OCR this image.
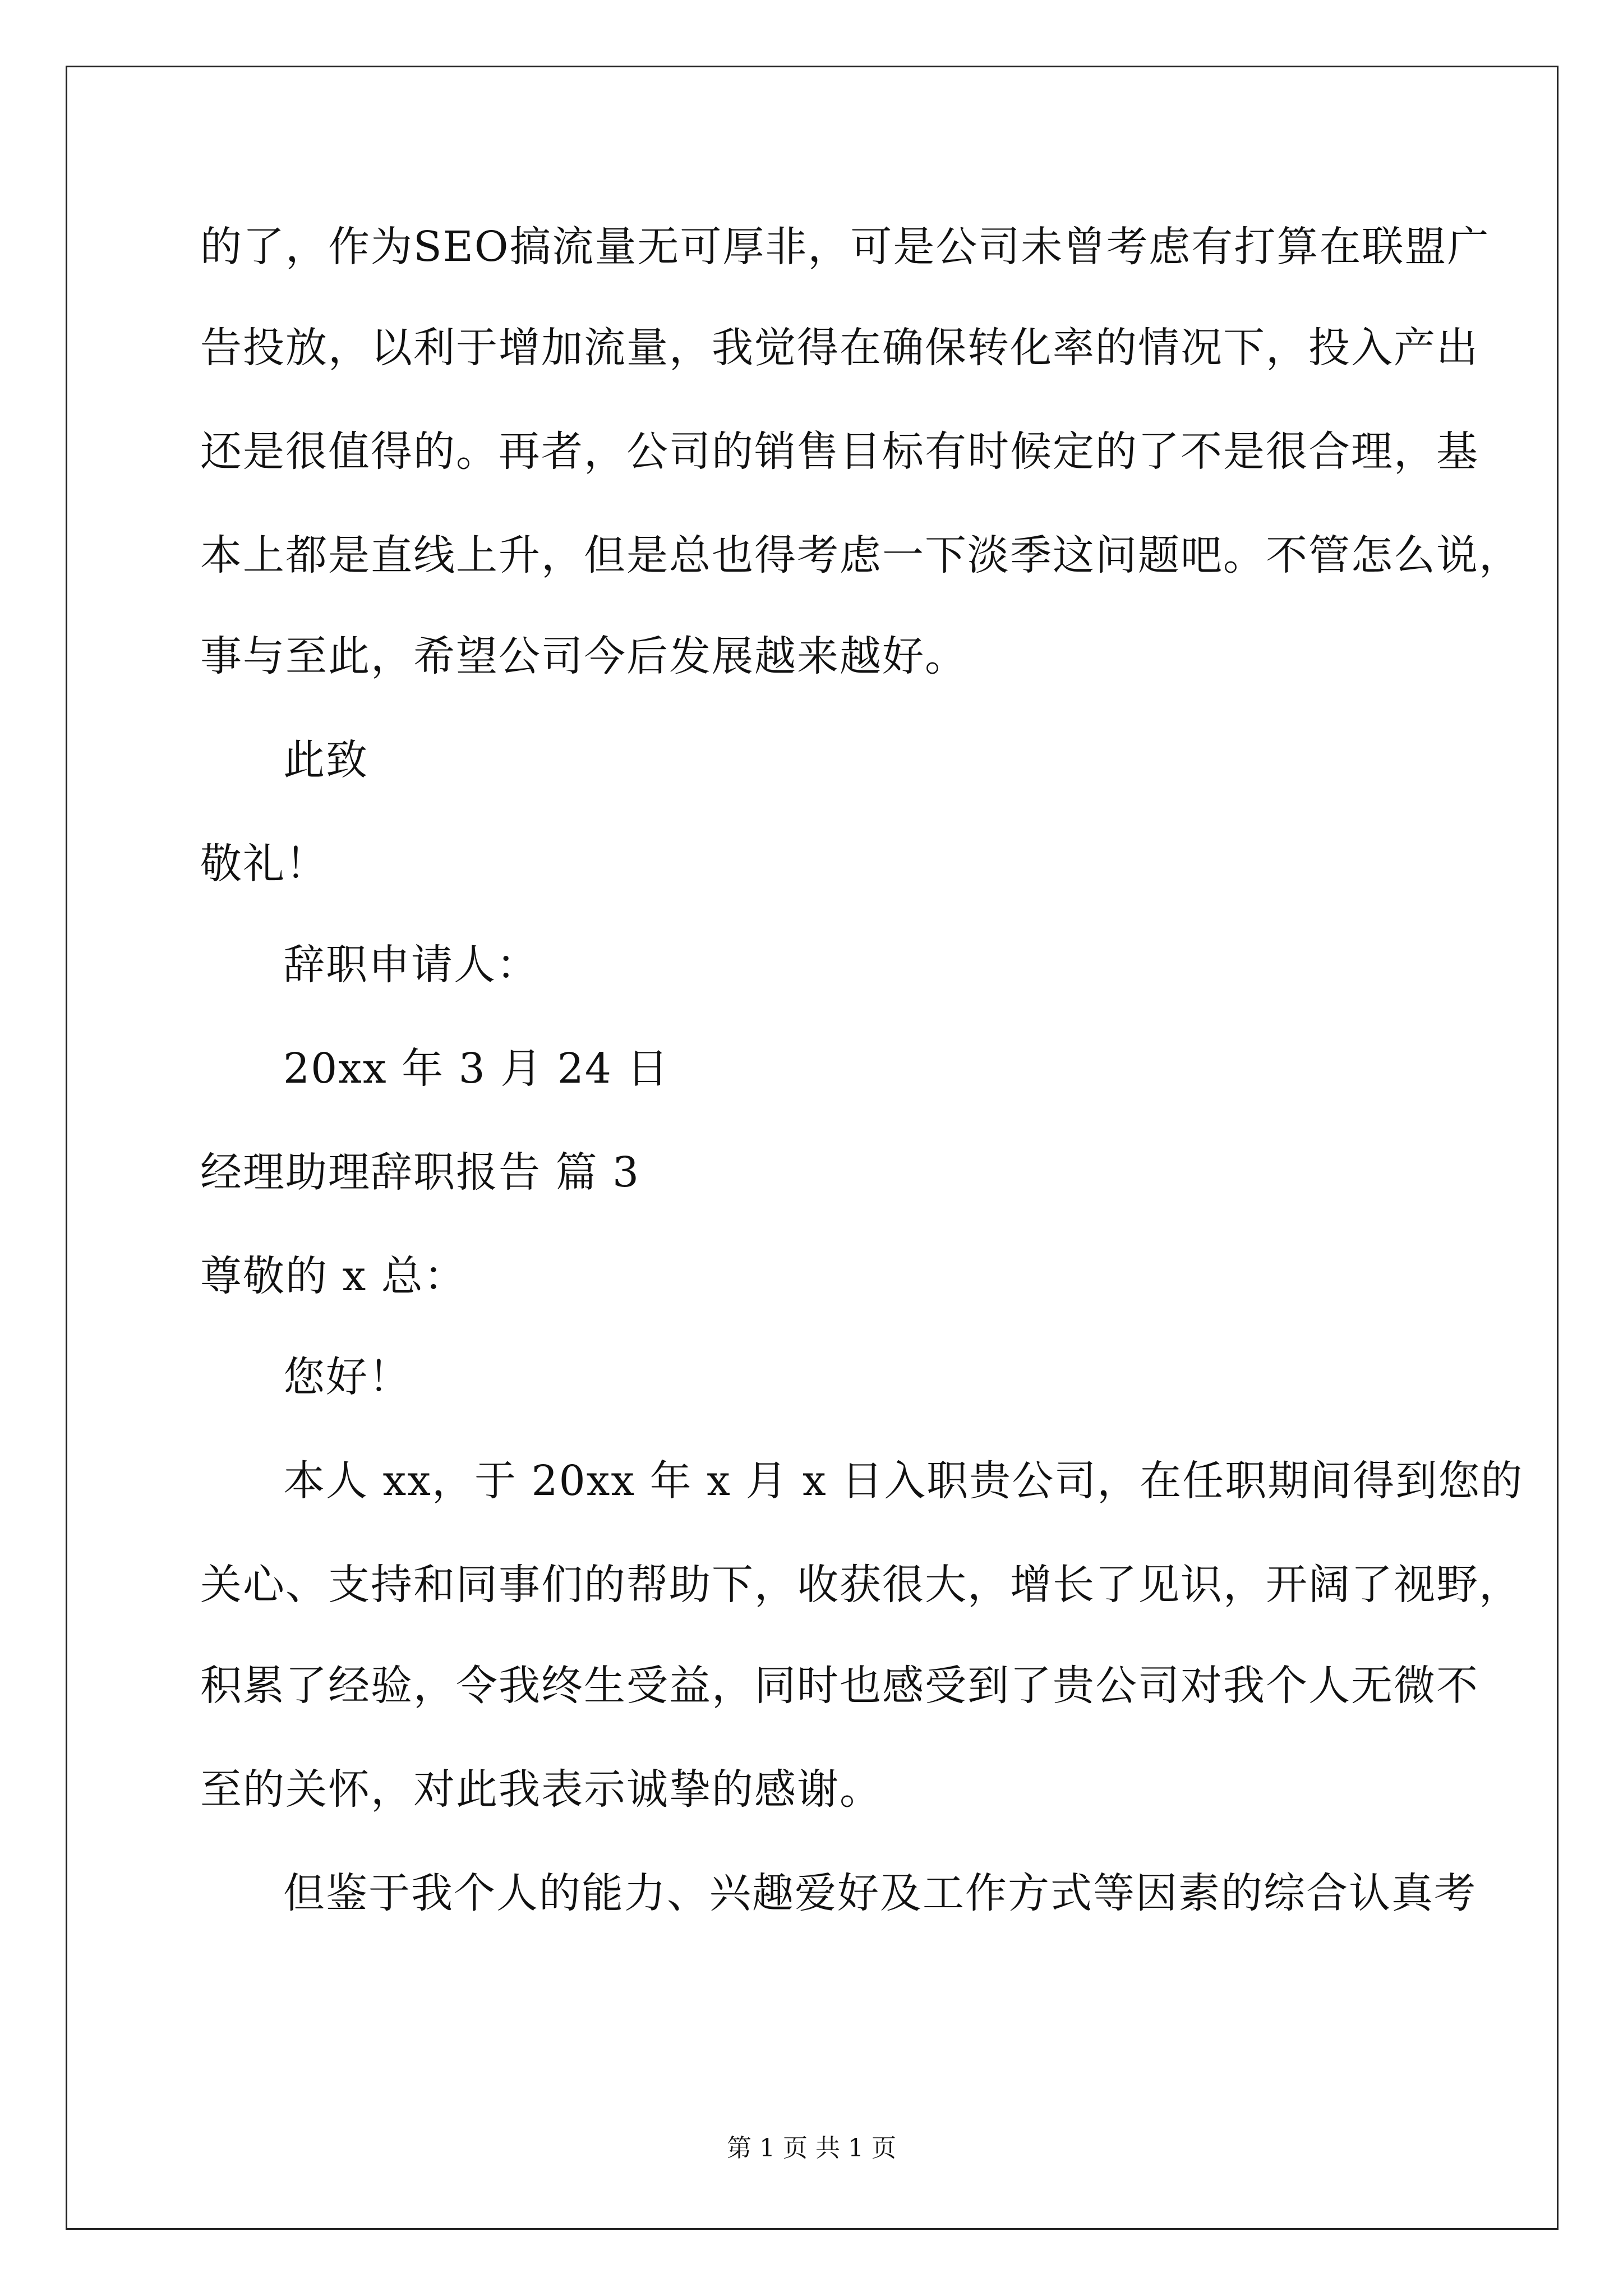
的了，作为SEO搞流量无可厚非，可是公司未曾考虑有打算在联盟广
告投放，以利于增加流量，我觉得在确保转化率的情况下，投入产出
还是很值得的。再者，公司的销售目标有时候定的了不是很合理，基
本上都是直线上升，但是总也得考虑一下淡季这问题吧。不管怎么说，
事与至此，希望公司今后发展越来越好。
此致
敬礼！
辞职申请人：
20xx 年 3 月 24 日
经理助理辞职报告 篇 3
尊敬的 x 总：
您好！
本人 xx，于 20xx 年 x 月 x 日入职贵公司，在任职期间得到您的
关心、支持和同事们的帮助下，收获很大，增长了见识，开阔了视野，
积累了经验，令我终生受益，同时也感受到了贵公司对我个人无微不
至的关怀，对此我表示诚挚的感谢。
但鉴于我个人的能力、兴趣爱好及工作方式等因素的综合认真考
第 1 页 共 1 页
